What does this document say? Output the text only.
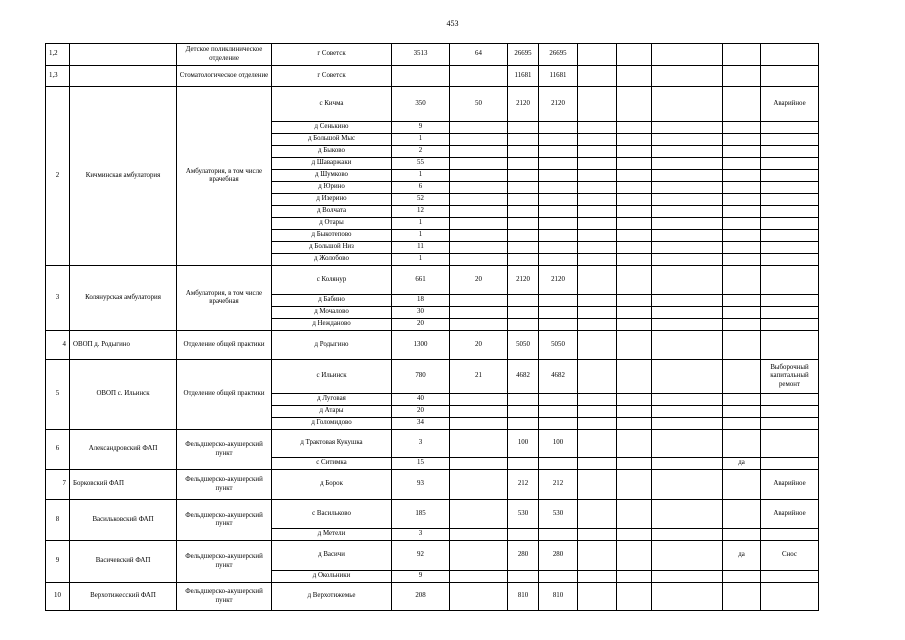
453
1,2		Детское поликлиническое отделение	г Советск	3513	64	26695	26695					
1,3		Стоматологическое отделение	г Советск			11681	11681					
2	Кичминская амбулатория	Амбулатория, в том числе врачебная	с Кичма	350	50	2120	2120					Аварийное
			д Сенькино	9								
			д Большой Мыс	1								
			д Быково	2								
			д Шаваржаки	55								
			д Шумково	1								
			д Юрино	6								
			д Изерино	52								
			д Волчата	12								
			д Отары	1								
			д Быкотепово	1								
			д Большой Низ	11								
			д Жолобово	1								
3	Колянурская амбулатория	Амбулатория, в том числе врачебная	с Колянур	661	20	2120	2120					
			д Бабино	18								
			д Мочалово	30								
			д Нежданово	20								
4	ОВОП д. Родыгино	Отделение общей практики	д Родыгино	1300	20	5050	5050					
5	ОВОП с. Ильинск	Отделение общей практики	с Ильинск	780	21	4682	4682					Выборочный капитальный ремонт
			д Луговая	40								
			д Атары	20								
			д Голомидово	34								
6	Александровский ФАП	Фельдшерско-акушерский пункт	д Трактовая Кукушка	3		100	100					
			с Ситимка	15							да	
7	Борковский ФАП	Фельдшерско-акушерский пункт	д Борок	93		212	212					Аварийное
8	Васильковский ФАП	Фельдшерско-акушерский пункт	с Васильково	185		530	530					Аварийное
			д Метели	3								
9	Васичевский ФАП	Фельдшерско-акушерский пункт	д Васичи	92		280	280				да	Снос
			д Окольники	9								
10	Верхотижесский ФАП	Фельдшерско-акушерский пункт	д Верхотижемье	208		810	810					
